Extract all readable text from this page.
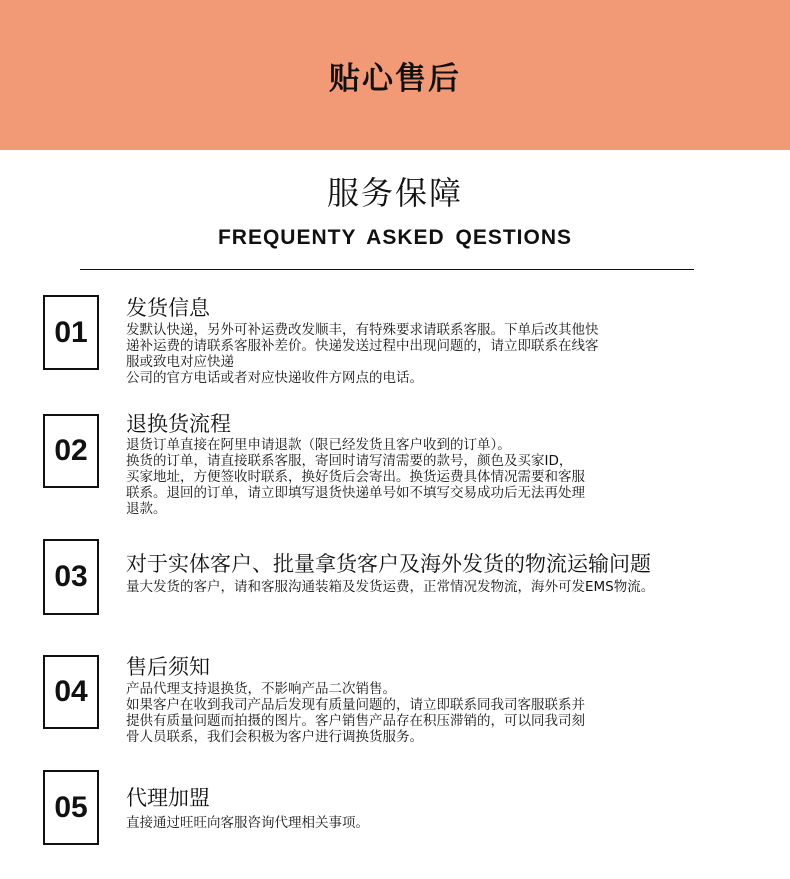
贴心售后
服务保障
FREQUENTY ASKED QESTIONS
01
发货信息
发默认快递，另外可补运费改发顺丰，有特殊要求请联系客服。下单后改其他快
递补运费的请联系客服补差价。快递发送过程中出现问题的，请立即联系在线客
服或致电对应快递
公司的官方电话或者对应快递收件方网点的电话。
02
退换货流程
退货订单直接在阿里申请退款（限已经发货且客户收到的订单）。
换货的订单，请直接联系客服，寄回时请写清需要的款号，颜色及买家ID，
买家地址，方便签收时联系，换好货后会寄出。换货运费具体情况需要和客服
联系。退回的订单，请立即填写退货快递单号如不填写交易成功后无法再处理
退款。
03	对于实体客户、批量拿货客户及海外发货的物流运输问题
量大发货的客户，请和客服沟通装箱及发货运费，正常情况发物流，海外可发EMS物流。
04
售后须知
产品代理支持退换货，不影响产品二次销售。
如果客户在收到我司产品后发现有质量问题的，请立即联系同我司客服联系并
提供有质量问题而拍摄的图片。客户销售产品存在积压滞销的，可以同我司刻
骨人员联系，我们会积极为客户进行调换货服务。
05	代理加盟
直接通过旺旺向客服咨询代理相关事项。
